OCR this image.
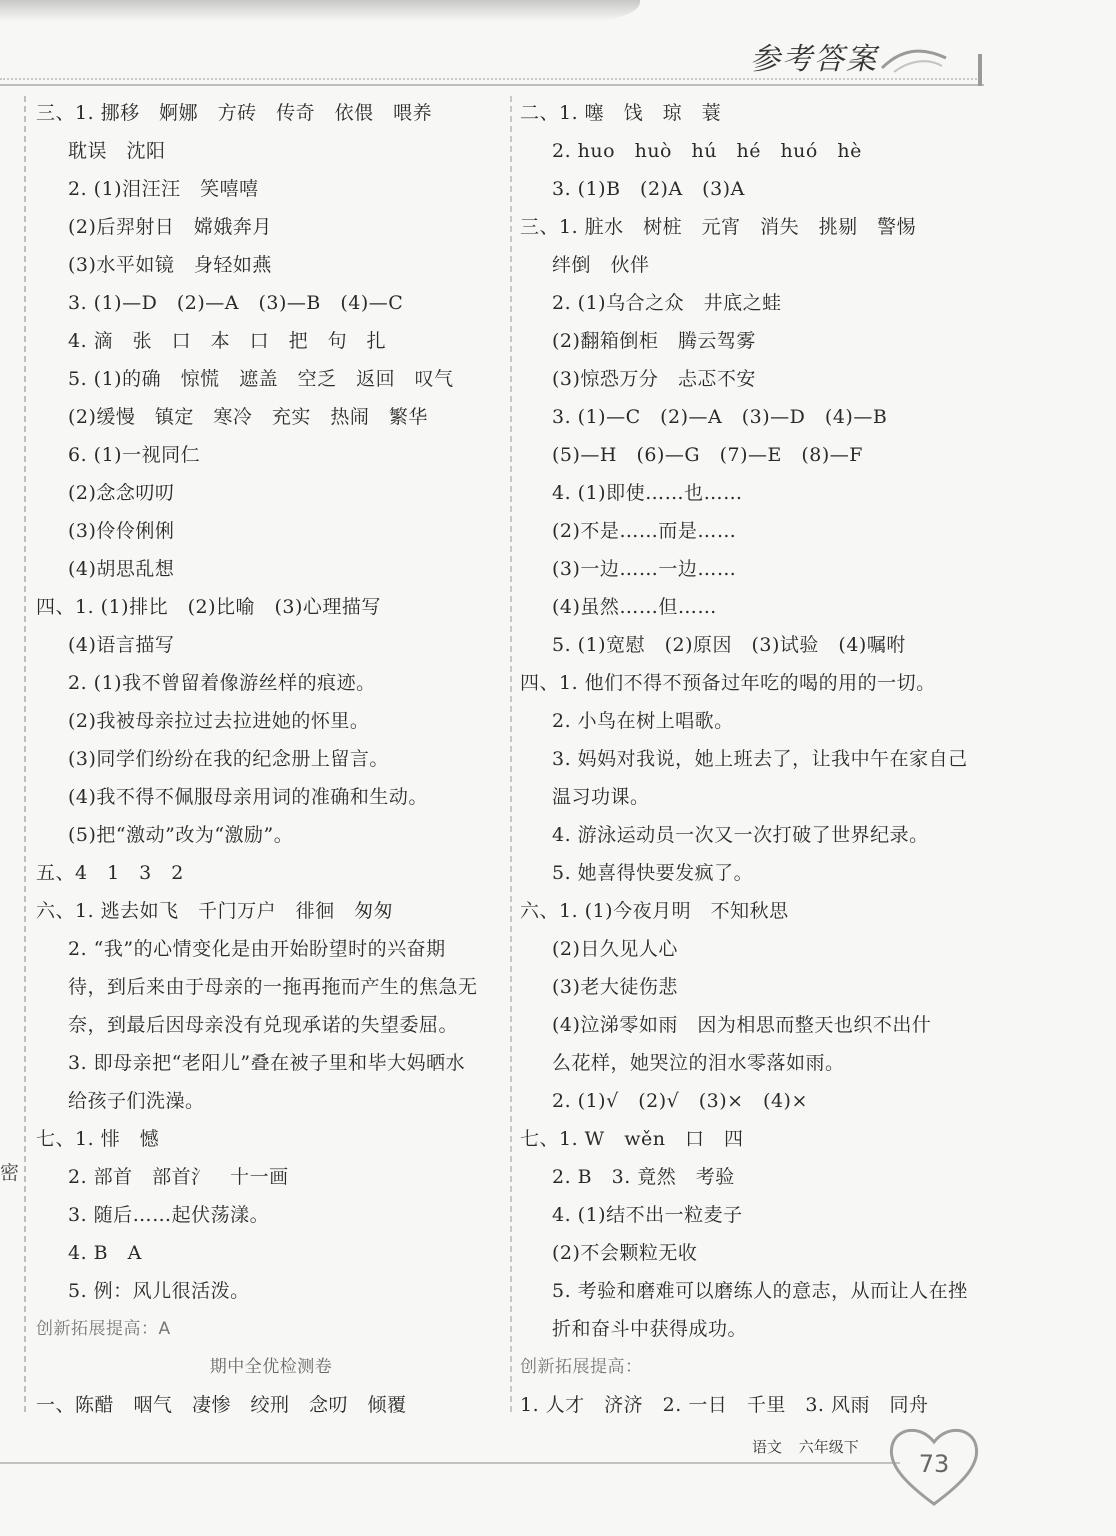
参考答案
密
三、1. 挪移　婀娜　方砖　传奇　依偎　喂养
耽误　沈阳
2. (1)泪汪汪　笑嘻嘻
(2)后羿射日　嫦娥奔月
(3)水平如镜　身轻如燕
3. (1)—D　(2)—A　(3)—B　(4)—C
4. 滴　张　口　本　口　把　句　扎
5. (1)的确　惊慌　遮盖　空乏　返回　叹气
(2)缓慢　镇定　寒冷　充实　热闹　繁华
6. (1)一视同仁
(2)念念叨叨
(3)伶伶俐俐
(4)胡思乱想
四、1. (1)排比　(2)比喻　(3)心理描写
(4)语言描写
2. (1)我不曾留着像游丝样的痕迹。
(2)我被母亲拉过去拉进她的怀里。
(3)同学们纷纷在我的纪念册上留言。
(4)我不得不佩服母亲用词的准确和生动。
(5)把“激动”改为“激励”。
五、4　1　3　2
六、1. 逃去如飞　千门万户　徘徊　匆匆
2. “我”的心情变化是由开始盼望时的兴奋期
待，到后来由于母亲的一拖再拖而产生的焦急无
奈，到最后因母亲没有兑现承诺的失望委屈。
3. 即母亲把“老阳儿”叠在被子里和毕大妈晒水
给孩子们洗澡。
七、1. 悱　憾
2. 部首　部首氵　十一画
3. 随后……起伏荡漾。
4. B　A
5. 例：风儿很活泼。
创新拓展提高：A
期中全优检测卷
一、陈醋　咽气　凄惨　绞刑　念叨　倾覆
二、1. 噻　饯　琼　蓑
2. huo　huò　hú　hé　huó　hè
3. (1)B　(2)A　(3)A
三、1. 脏水　树桩　元宵　消失　挑剔　警惕
绊倒　伙伴
2. (1)乌合之众　井底之蛙
(2)翻箱倒柜　腾云驾雾
(3)惊恐万分　忐忑不安
3. (1)—C　(2)—A　(3)—D　(4)—B
(5)—H　(6)—G　(7)—E　(8)—F
4. (1)即使……也……
(2)不是……而是……
(3)一边……一边……
(4)虽然……但……
5. (1)宽慰　(2)原因　(3)试验　(4)嘱咐
四、1. 他们不得不预备过年吃的喝的用的一切。
2. 小鸟在树上唱歌。
3. 妈妈对我说，她上班去了，让我中午在家自己
温习功课。
4. 游泳运动员一次又一次打破了世界纪录。
5. 她喜得快要发疯了。
六、1. (1)今夜月明　不知秋思
(2)日久见人心
(3)老大徒伤悲
(4)泣涕零如雨　因为相思而整天也织不出什
么花样，她哭泣的泪水零落如雨。
2. (1)√　(2)√　(3)×　(4)×
七、1. W　wěn　口　四
2. B　3. 竟然　考验
4. (1)结不出一粒麦子
(2)不会颗粒无收
5. 考验和磨难可以磨练人的意志，从而让人在挫
折和奋斗中获得成功。
创新拓展提高：
1. 人才　济济　2. 一日　千里　3. 风雨　同舟
语文 六年级下
73
